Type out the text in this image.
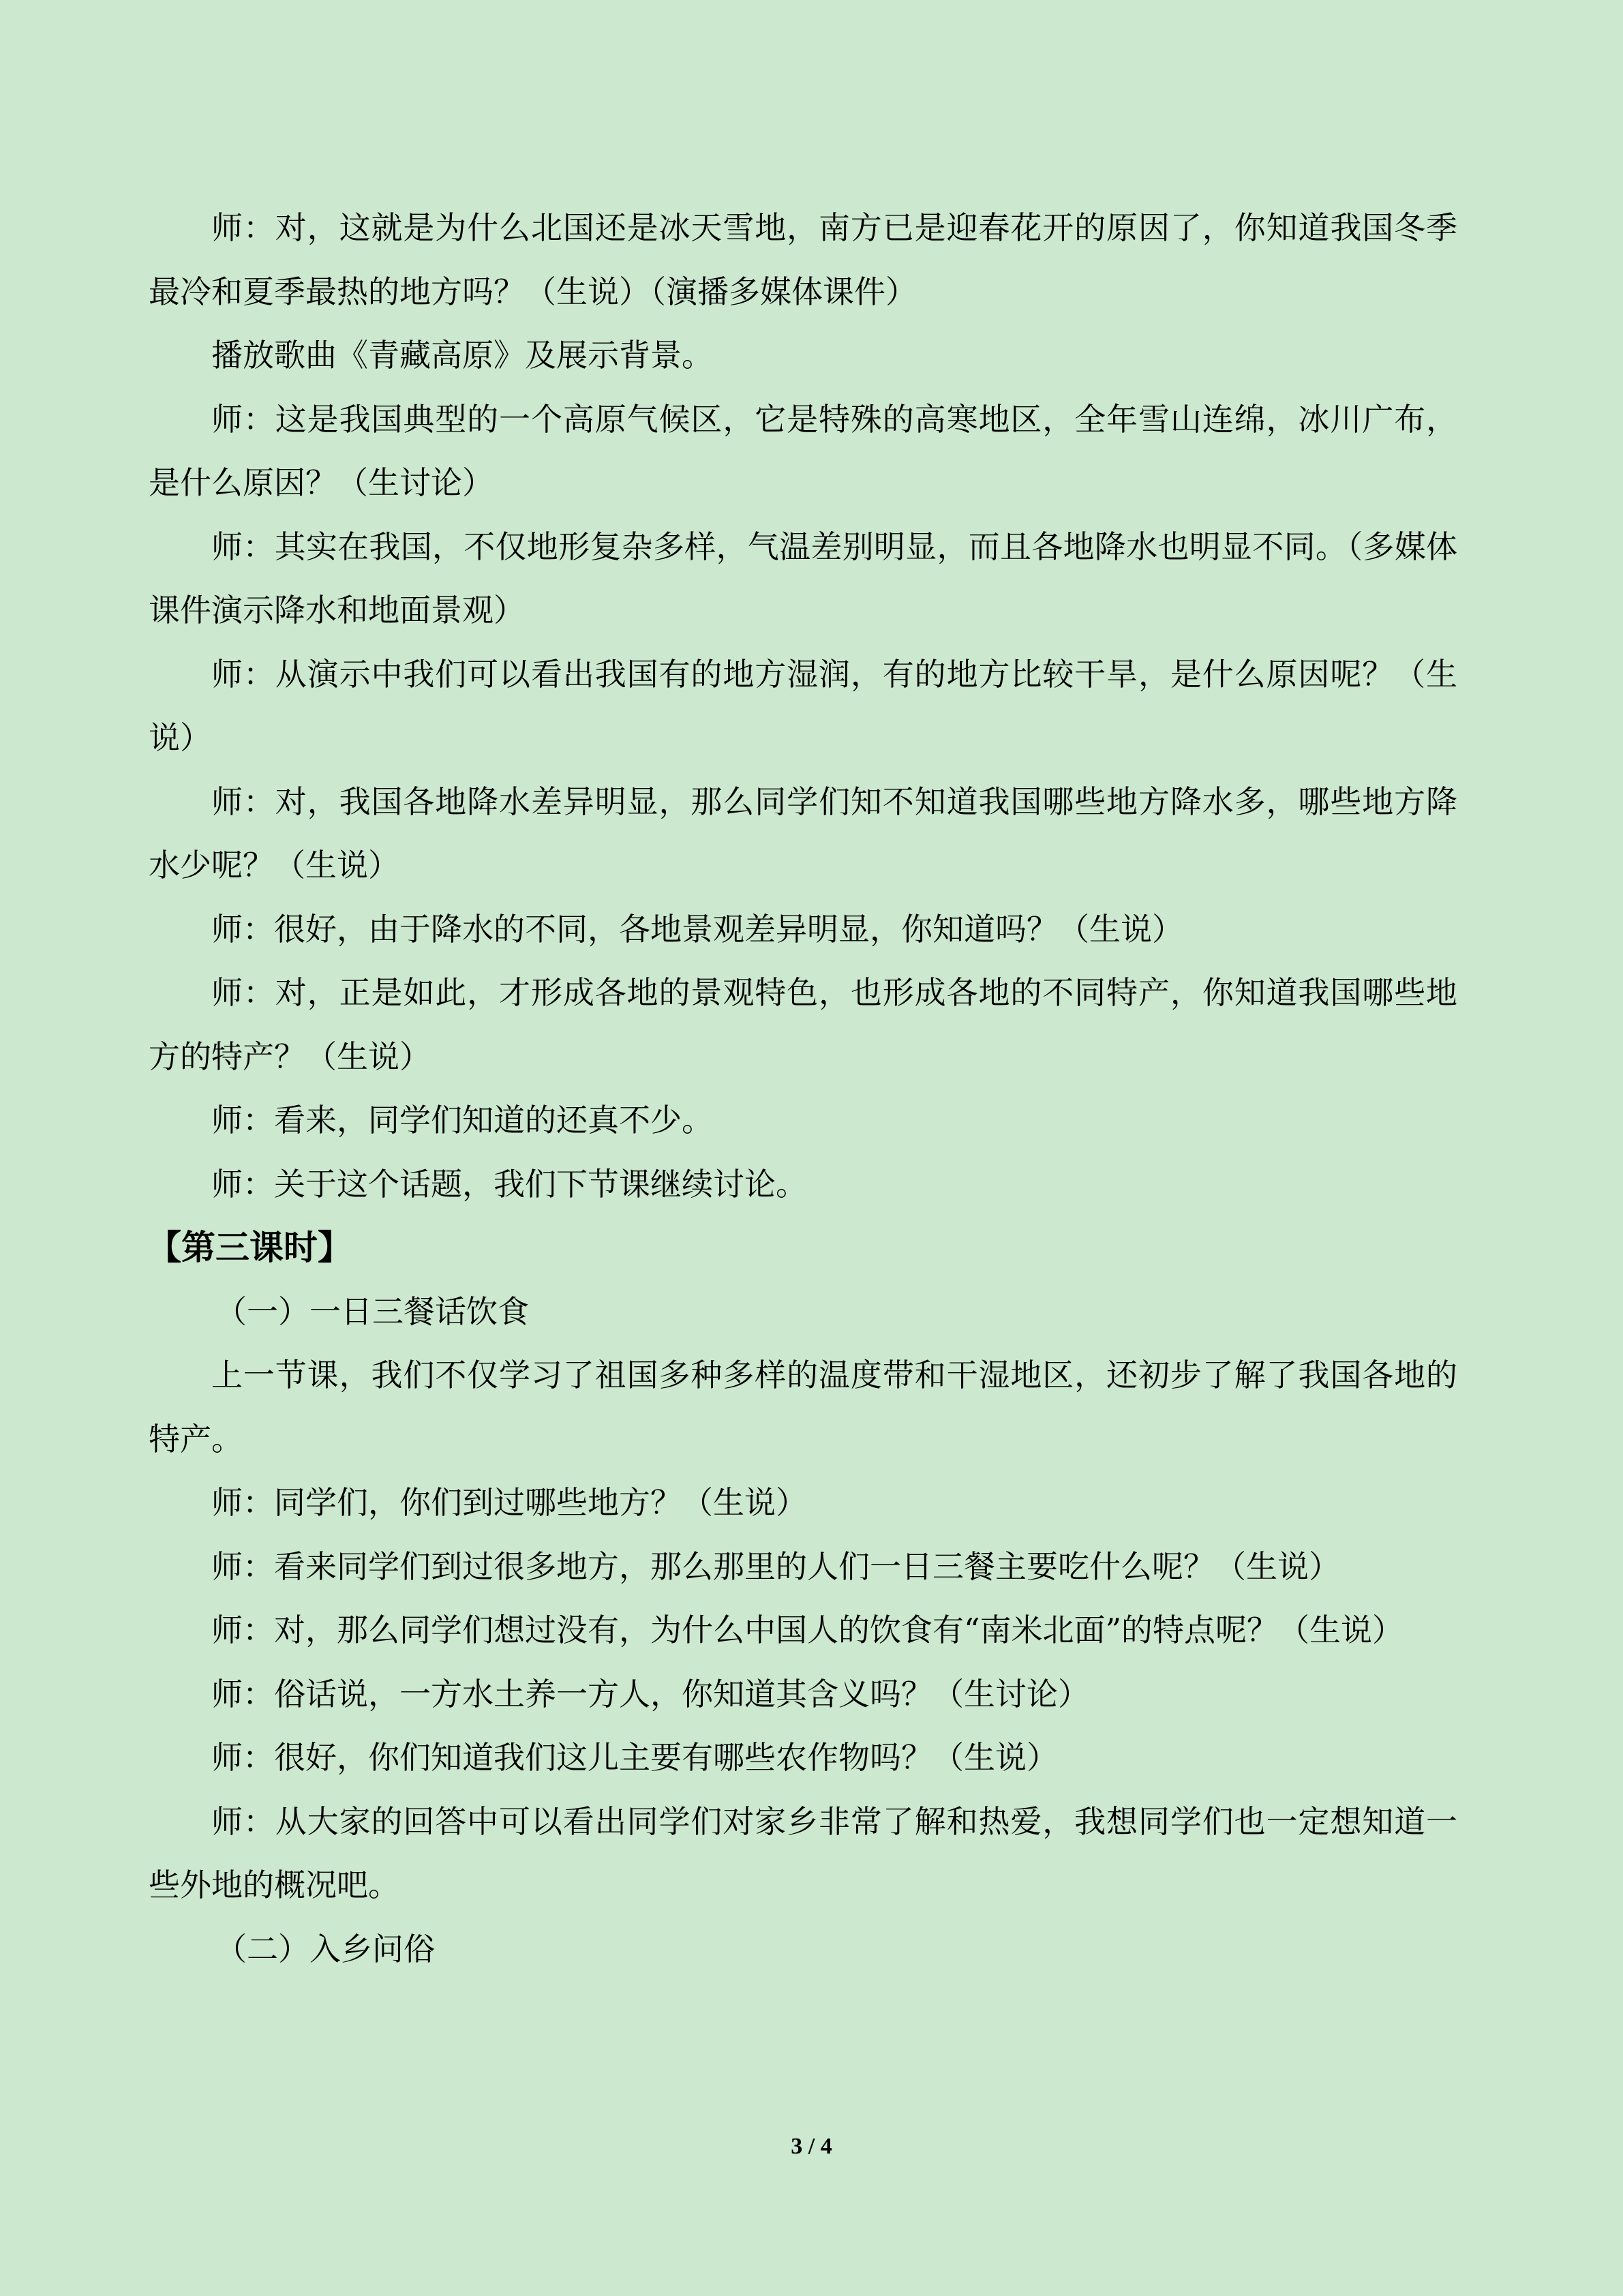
师：对，这就是为什么北国还是冰天雪地，南方已是迎春花开的原因了，你知道我国冬季最冷和夏季最热的地方吗？（生说）（演播多媒体课件）

播放歌曲《青藏高原》及展示背景。

师：这是我国典型的一个高原气候区，它是特殊的高寒地区，全年雪山连绵，冰川广布，是什么原因？（生讨论）

师：其实在我国，不仅地形复杂多样，气温差别明显，而且各地降水也明显不同。（多媒体课件演示降水和地面景观）

师：从演示中我们可以看出我国有的地方湿润，有的地方比较干旱，是什么原因呢？（生说）

师：对，我国各地降水差异明显，那么同学们知不知道我国哪些地方降水多，哪些地方降水少呢？（生说）

师：很好，由于降水的不同，各地景观差异明显，你知道吗？（生说）

师：对，正是如此，才形成各地的景观特色，也形成各地的不同特产，你知道我国哪些地方的特产？（生说）

师：看来，同学们知道的还真不少。

师：关于这个话题，我们下节课继续讨论。

【第三课时】

（一）一日三餐话饮食

上一节课，我们不仅学习了祖国多种多样的温度带和干湿地区，还初步了解了我国各地的特产。

师：同学们，你们到过哪些地方？（生说）

师：看来同学们到过很多地方，那么那里的人们一日三餐主要吃什么呢？（生说）

师：对，那么同学们想过没有，为什么中国人的饮食有“南米北面”的特点呢？（生说）

师：俗话说，一方水土养一方人，你知道其含义吗？（生讨论）

师：很好，你们知道我们这儿主要有哪些农作物吗？（生说）

师：从大家的回答中可以看出同学们对家乡非常了解和热爱，我想同学们也一定想知道一些外地的概况吧。

（二）入乡问俗

3 / 4
